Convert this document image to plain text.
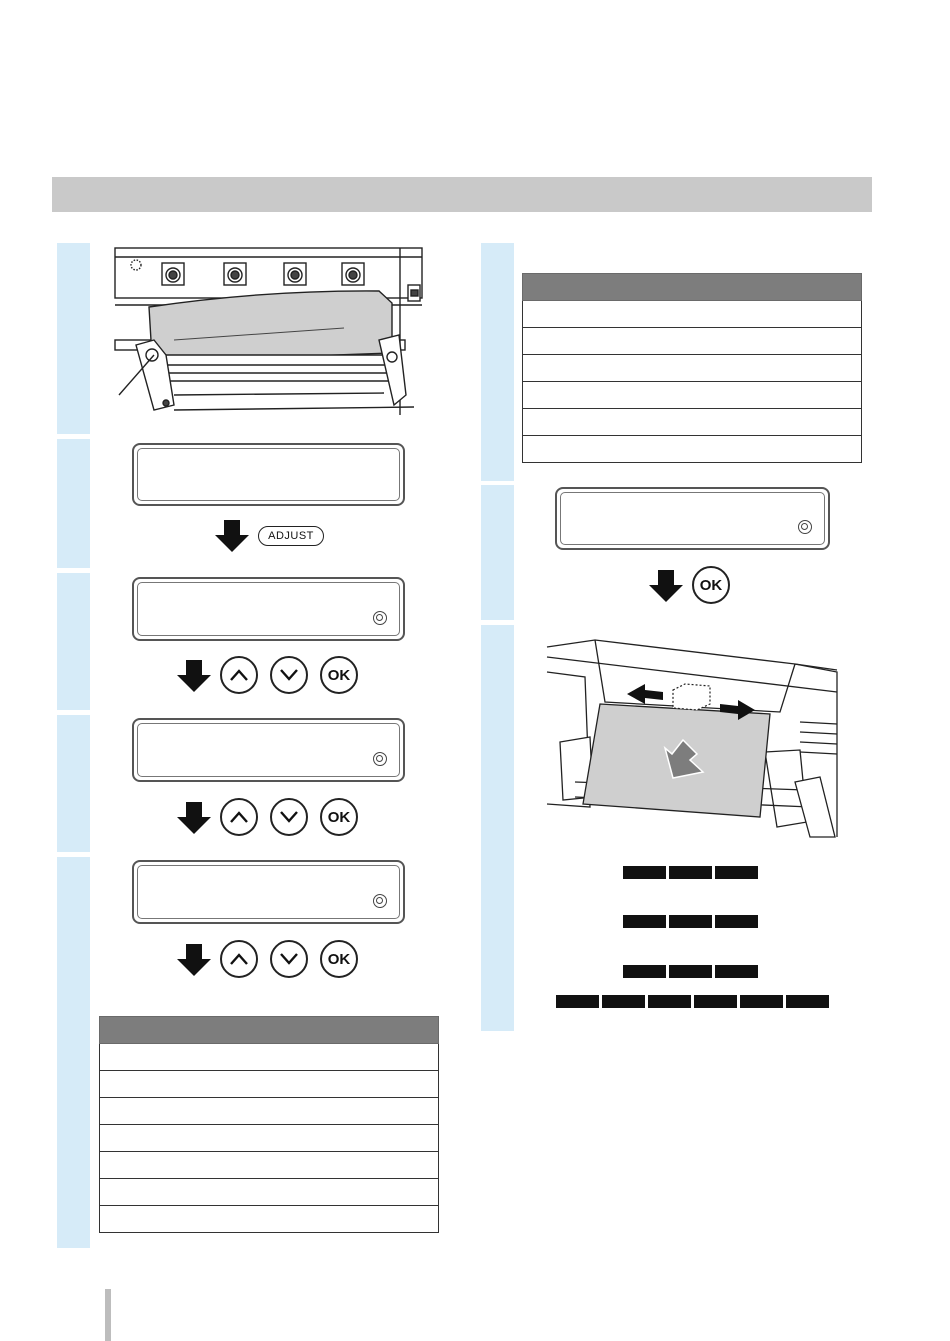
ADJUST
OK
OK
OK

OK
